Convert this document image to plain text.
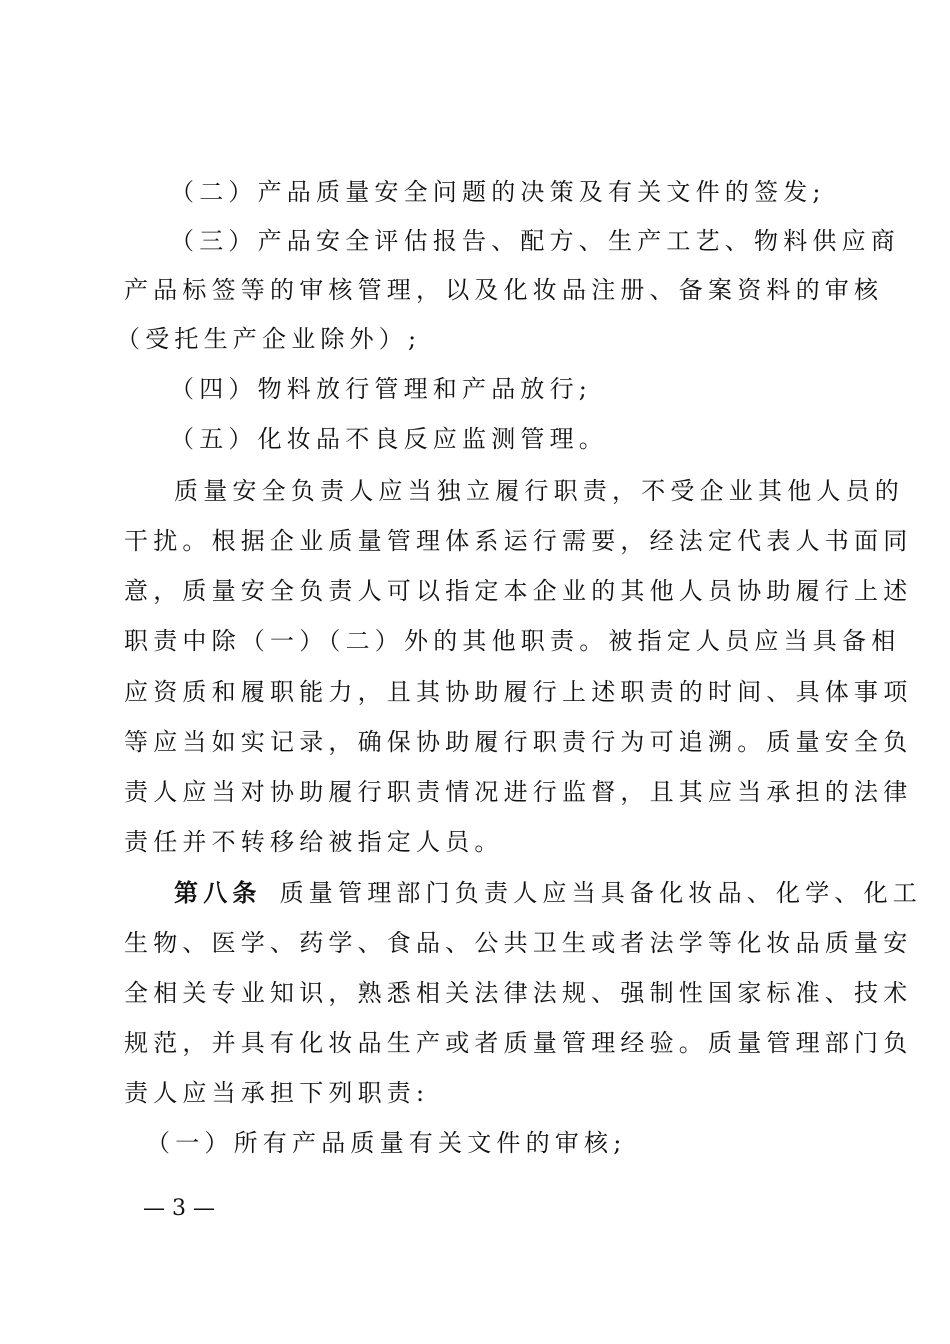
（二）产品质量安全问题的决策及有关文件的签发;
（三）产品安全评估报告、配方、生产工艺、物料供应商
产品标签等的审核管理，以及化妆品注册、备案资料的审核
（受托生产企业除外）;
（四）物料放行管理和产品放行;
（五）化妆品不良反应监测管理。
质量安全负责人应当独立履行职责，不受企业其他人员的
干扰。根据企业质量管理体系运行需要，经法定代表人书面同
意，质量安全负责人可以指定本企业的其他人员协助履行上述
职责中除（一）（二）外的其他职责。被指定人员应当具备相
应资质和履职能力，且其协助履行上述职责的时间、具体事项
等应当如实记录，确保协助履行职责行为可追溯。质量安全负
责人应当对协助履行职责情况进行监督，且其应当承担的法律
责任并不转移给被指定人员。
第八条 质量管理部门负责人应当具备化妆品、化学、化工
生物、医学、药学、食品、公共卫生或者法学等化妆品质量安
全相关专业知识，熟悉相关法律法规、强制性国家标准、技术
规范，并具有化妆品生产或者质量管理经验。质量管理部门负
责人应当承担下列职责:
（一）所有产品质量有关文件的审核;
— 3 —
